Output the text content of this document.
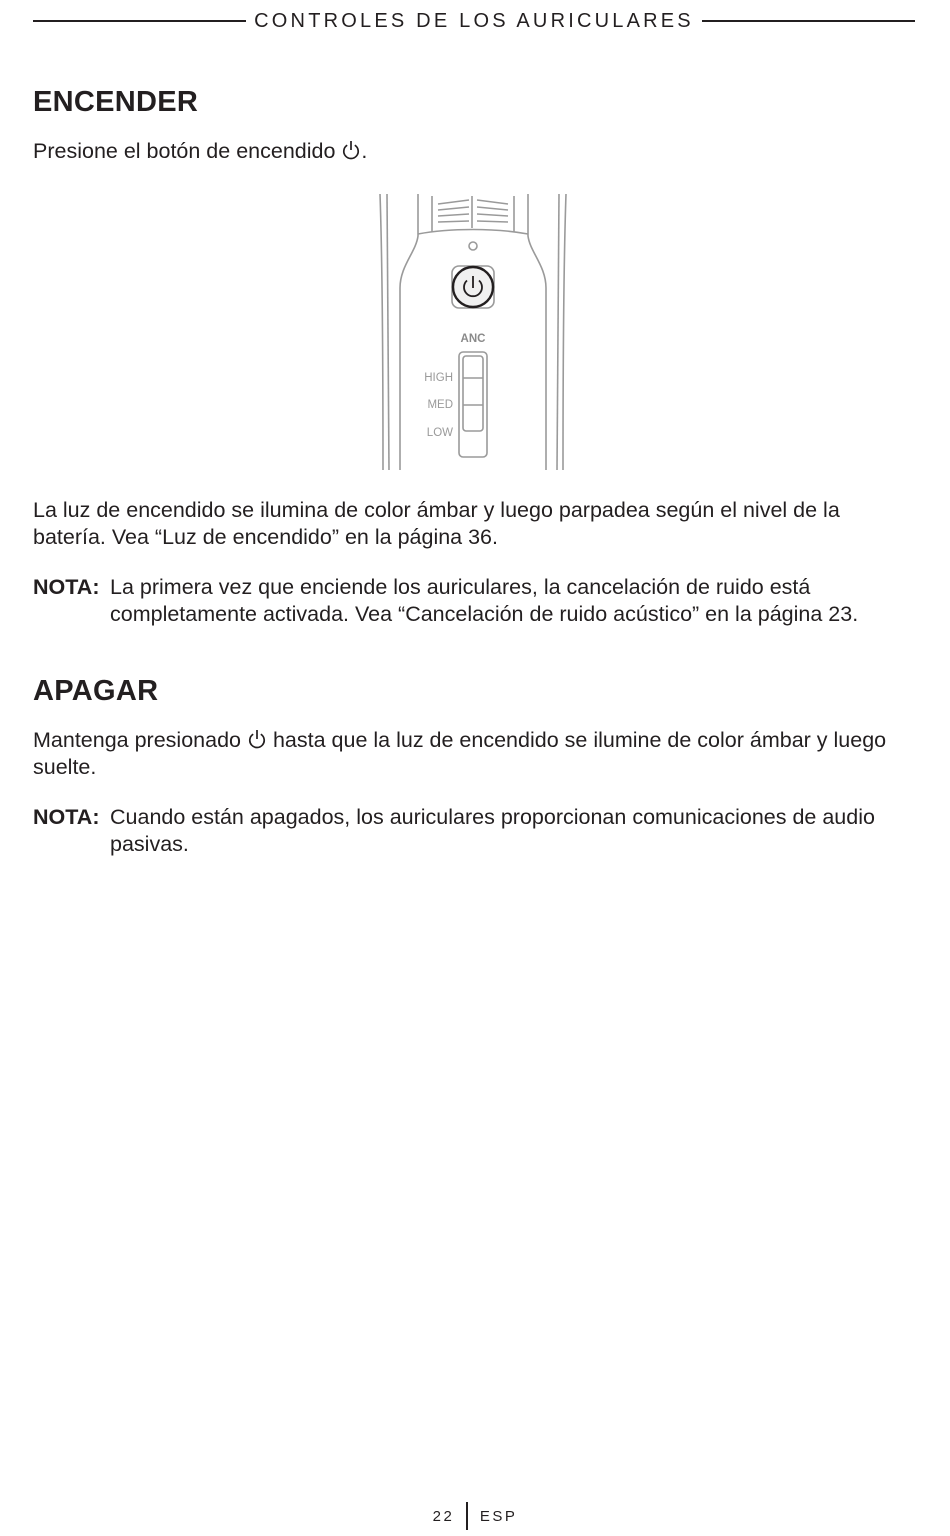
CONTROLES DE LOS AURICULARES
ENCENDER

Presione el botón de encendido .

ANC
HIGH
MED
LOW

La luz de encendido se ilumina de color ámbar y luego parpadea según el nivel de la batería. Vea “Luz de encendido” en la página 36.

NOTA: La primera vez que enciende los auriculares, la cancelación de ruido está completamente activada. Vea “Cancelación de ruido acústico” en la página 23.
APAGAR

Mantenga presionado hasta que la luz de encendido se ilumine de color ámbar y luego suelte.

NOTA: Cuando están apagados, los auriculares proporcionan comunicaciones de audio pasivas.
22 ESP
